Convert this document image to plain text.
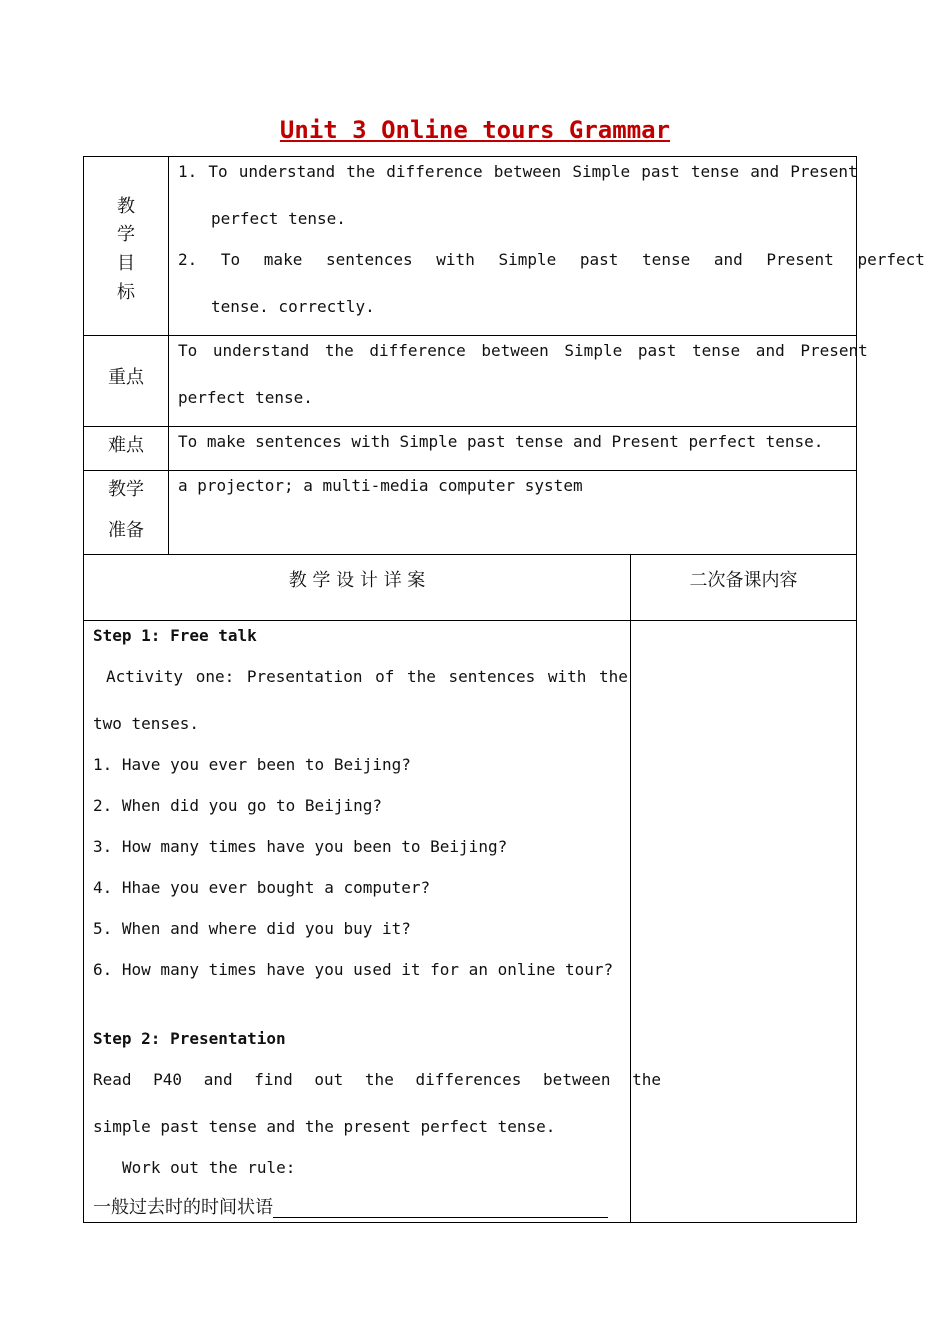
Unit 3 Online tours Grammar
教
学
目
标
1. To understand the difference between Simple past tense and Present
perfect tense.
2. To make sentences with Simple past tense and Present perfect
tense. correctly.
重点
To understand the difference between Simple past tense and Present
perfect tense.
难点	To make sentences with Simple past tense and Present perfect tense.
教学
准备
a projector; a multi-media computer system
教 学 设 计 详 案	二次备课内容
Step 1: Free talk
Activity one: Presentation of the sentences with the
two tenses.
1. Have you ever been to Beijing?
2. When did you go to Beijing?
3. How many times have you been to Beijing?
4. Hhae you ever bought a computer?
5. When and where did you buy it?
6. How many times have you used it for an online tour?
Step 2: Presentation
Read P40 and find out the differences between the
simple past tense and the present perfect tense.
Work out the rule:
一般过去时的时间状语
